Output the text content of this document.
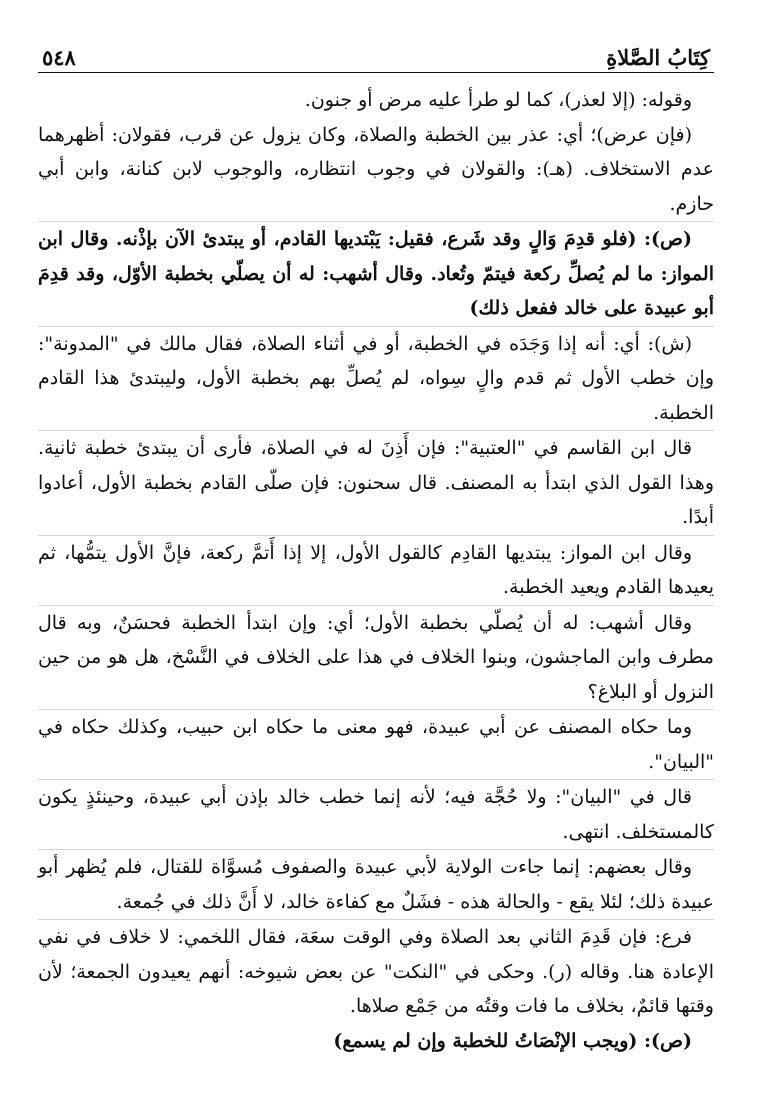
كِتَابُ الصَّلاةِ
٥٤٨

وقوله: (إلا لعذر)، كما لو طرأ عليه مرض أو جنون.

(فإن عرض)؛ أي: عذر بين الخطبة والصلاة، وكان يزول عن قرب، فقولان: أظهرهما عدم الاستخلاف. (هـ): والقولان في وجوب انتظاره، والوجوب لابن كنانة، وابن أبي حازم.

(ص): (فلو قدِمَ وَالٍ وقد شَرع، فقيل: يَبْتديها القادم، أو يبتدئ الآن بإذْنه. وقال ابن المواز: ما لم يُصلِّ ركعة فيتمّ وتُعاد. وقال أشهب: له أن يصلّي بخطبة الأوّل، وقد قدِمَ أبو عبيدة على خالد ففعل ذلك)

(ش): أي: أنه إذا وَجَدَه في الخطبة، أو في أثناء الصلاة، فقال مالك في "المدونة": وإن خطب الأول ثم قدم والٍ سِواه، لم يُصلِّ بهم بخطبة الأول، وليبتدئ هذا القادم الخطبة.

قال ابن القاسم في "العتبية": فإن أَذِنَ له في الصلاة، فأرى أن يبتدئ خطبة ثانية. وهذا القول الذي ابتدأ به المصنف. قال سحنون: فإن صلّى القادم بخطبة الأول، أعادوا أبدًا.

وقال ابن المواز: يبتديها القادِم كالقول الأول، إلا إذا أَتمَّ ركعة، فإنَّ الأول يتمُّها، ثم يعيدها القادم ويعيد الخطبة.

وقال أشهب: له أن يُصلّي بخطبة الأول؛ أي: وإن ابتدأ الخطبة فحسَنٌ، وبه قال مطرف وابن الماجشون، وبنوا الخلاف في هذا على الخلاف في النَّسْخ، هل هو من حين النزول أو البلاغ؟

وما حكاه المصنف عن أبي عبيدة، فهو معنى ما حكاه ابن حبيب، وكذلك حكاه في "البيان".

قال في "البيان": ولا حُجَّة فيه؛ لأنه إنما خطب خالد بإذن أبي عبيدة، وحينئذٍ يكون كالمستخلف. انتهى.

وقال بعضهم: إنما جاءت الولاية لأبي عبيدة والصفوف مُسوَّاة للقتال، فلم يُظهر أبو عبيدة ذلك؛ لئلا يقع - والحالة هذه - فشَلٌ مع كفاءة خالد، لا أَنَّ ذلك في جُمعة.

فرع: فإن قَدِمَ الثاني بعد الصلاة وفي الوقت سعَة، فقال اللخمي: لا خلاف في نفي الإعادة هنا. وقاله (ر). وحكى في "النكت" عن بعض شيوخه: أنهم يعيدون الجمعة؛ لأن وقتها قائمٌ، بخلاف ما فات وقتُه من جَمْع صلاها.

(ص): (ويجب الإنْصَاتُ للخطبة وإن لم يسمع)
